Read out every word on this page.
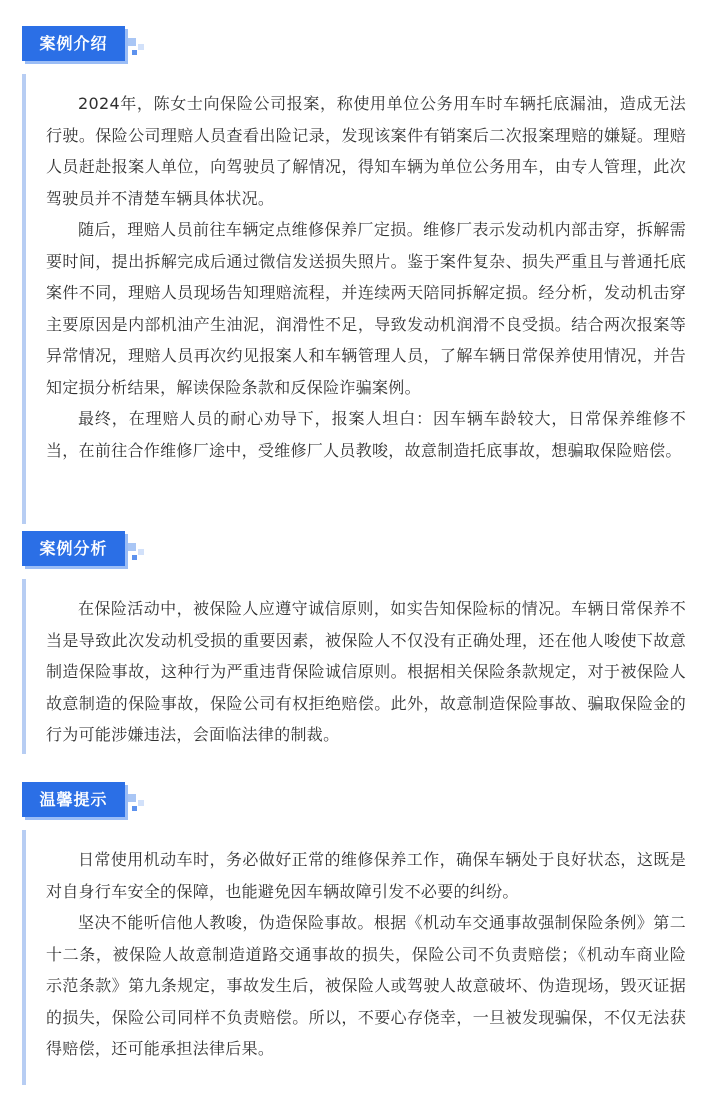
案例介绍

2024年，陈女士向保险公司报案，称使用单位公务用车时车辆托底漏油，造成无法行驶。保险公司理赔人员查看出险记录，发现该案件有销案后二次报案理赔的嫌疑。理赔人员赶赴报案人单位，向驾驶员了解情况，得知车辆为单位公务用车，由专人管理，此次驾驶员并不清楚车辆具体状况。

随后，理赔人员前往车辆定点维修保养厂定损。维修厂表示发动机内部击穿，拆解需要时间，提出拆解完成后通过微信发送损失照片。鉴于案件复杂、损失严重且与普通托底案件不同，理赔人员现场告知理赔流程，并连续两天陪同拆解定损。经分析，发动机击穿主要原因是内部机油产生油泥，润滑性不足，导致发动机润滑不良受损。结合两次报案等异常情况，理赔人员再次约见报案人和车辆管理人员，了解车辆日常保养使用情况，并告知定损分析结果，解读保险条款和反保险诈骗案例。

最终，在理赔人员的耐心劝导下，报案人坦白：因车辆车龄较大，日常保养维修不当，在前往合作维修厂途中，受维修厂人员教唆，故意制造托底事故，想骗取保险赔偿。

案例分析

在保险活动中，被保险人应遵守诚信原则，如实告知保险标的情况。车辆日常保养不当是导致此次发动机受损的重要因素，被保险人不仅没有正确处理，还在他人唆使下故意制造保险事故，这种行为严重违背保险诚信原则。根据相关保险条款规定，对于被保险人故意制造的保险事故，保险公司有权拒绝赔偿。此外，故意制造保险事故、骗取保险金的行为可能涉嫌违法，会面临法律的制裁。

温馨提示

日常使用机动车时，务必做好正常的维修保养工作，确保车辆处于良好状态，这既是对自身行车安全的保障，也能避免因车辆故障引发不必要的纠纷。

坚决不能听信他人教唆，伪造保险事故。根据《机动车交通事故强制保险条例》第二十二条，被保险人故意制造道路交通事故的损失，保险公司不负责赔偿；《机动车商业险示范条款》第九条规定，事故发生后，被保险人或驾驶人故意破坏、伪造现场，毁灭证据的损失，保险公司同样不负责赔偿。所以，不要心存侥幸，一旦被发现骗保，不仅无法获得赔偿，还可能承担法律后果。
